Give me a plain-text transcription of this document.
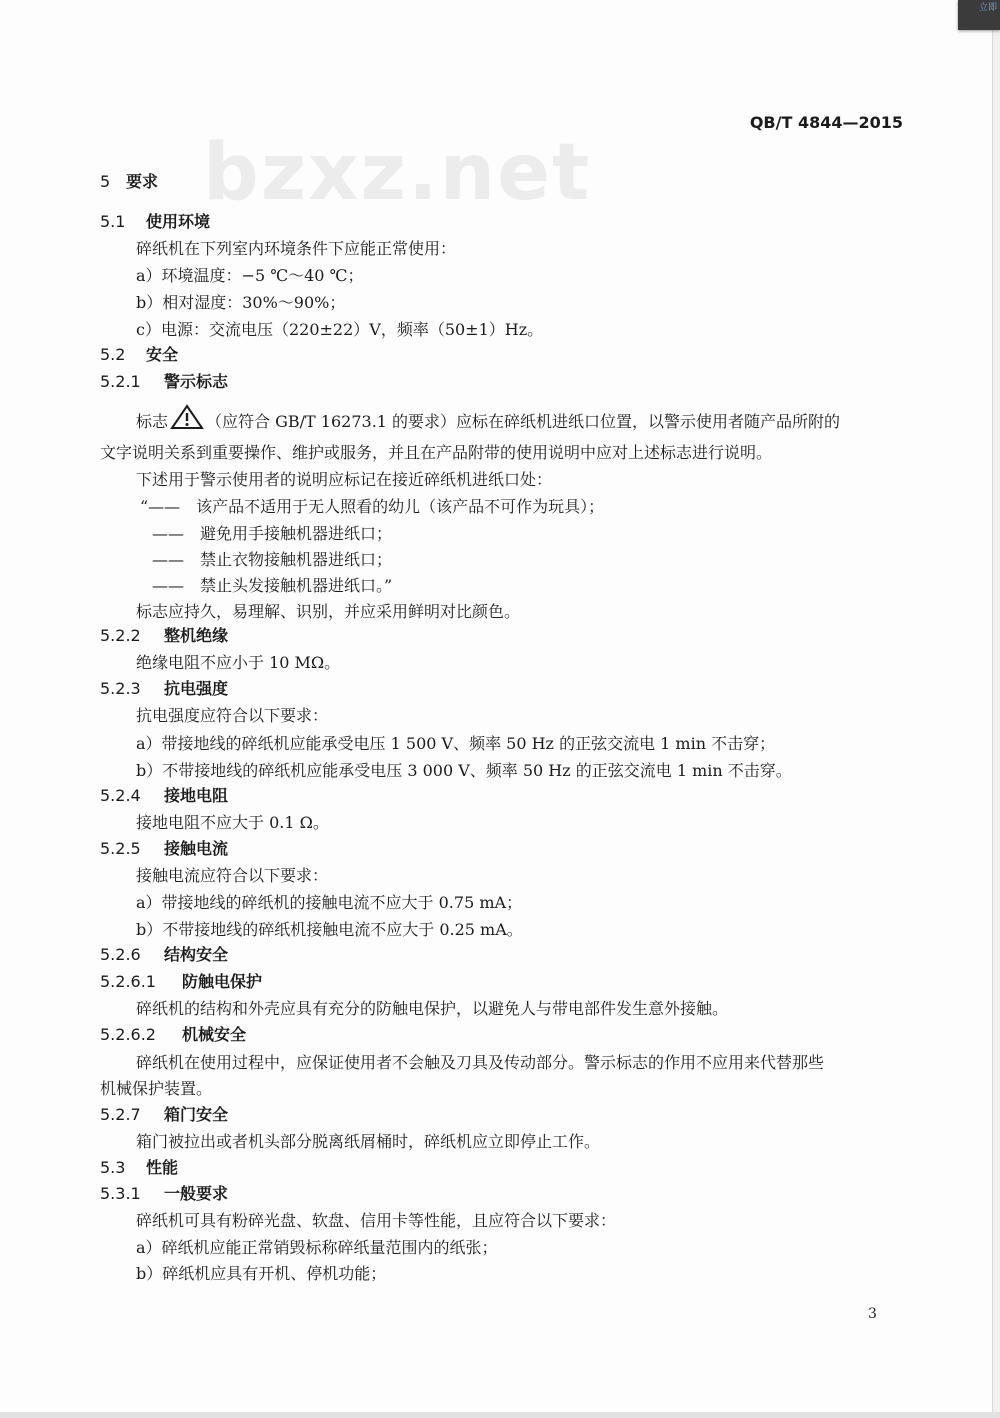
bzxz.net
QB/T 4844—2015
5 要求
5.1 使用环境
碎纸机在下列室内环境条件下应能正常使用：
a）环境温度：−5 ℃～40 ℃；
b）相对湿度：30%～90%；
c）电源：交流电压（220±22）V，频率（50±1）Hz。
5.2 安全
5.2.1 警示标志
标志 （应符合 GB/T 16273.1 的要求）应标在碎纸机进纸口位置，以警示使用者随产品所附的
文字说明关系到重要操作、维护或服务，并且在产品附带的使用说明中应对上述标志进行说明。
下述用于警示使用者的说明应标记在接近碎纸机进纸口处：
“——　该产品不适用于无人照看的幼儿（该产品不可作为玩具）；
——　避免用手接触机器进纸口；
——　禁止衣物接触机器进纸口；
——　禁止头发接触机器进纸口。”
标志应持久，易理解、识别，并应采用鲜明对比颜色。
5.2.2 整机绝缘
绝缘电阻不应小于 10 MΩ。
5.2.3 抗电强度
抗电强度应符合以下要求：
a）带接地线的碎纸机应能承受电压 1 500 V、频率 50 Hz 的正弦交流电 1 min 不击穿；
b）不带接地线的碎纸机应能承受电压 3 000 V、频率 50 Hz 的正弦交流电 1 min 不击穿。
5.2.4 接地电阻
接地电阻不应大于 0.1 Ω。
5.2.5 接触电流
接触电流应符合以下要求：
a）带接地线的碎纸机的接触电流不应大于 0.75 mA；
b）不带接地线的碎纸机接触电流不应大于 0.25 mA。
5.2.6 结构安全
5.2.6.1 防触电保护
碎纸机的结构和外壳应具有充分的防触电保护，以避免人与带电部件发生意外接触。
5.2.6.2 机械安全
碎纸机在使用过程中，应保证使用者不会触及刀具及传动部分。警示标志的作用不应用来代替那些
机械保护装置。
5.2.7 箱门安全
箱门被拉出或者机头部分脱离纸屑桶时，碎纸机应立即停止工作。
5.3 性能
5.3.1 一般要求
碎纸机可具有粉碎光盘、软盘、信用卡等性能，且应符合以下要求：
a）碎纸机应能正常销毁标称碎纸量范围内的纸张；
b）碎纸机应具有开机、停机功能；
3
立即
